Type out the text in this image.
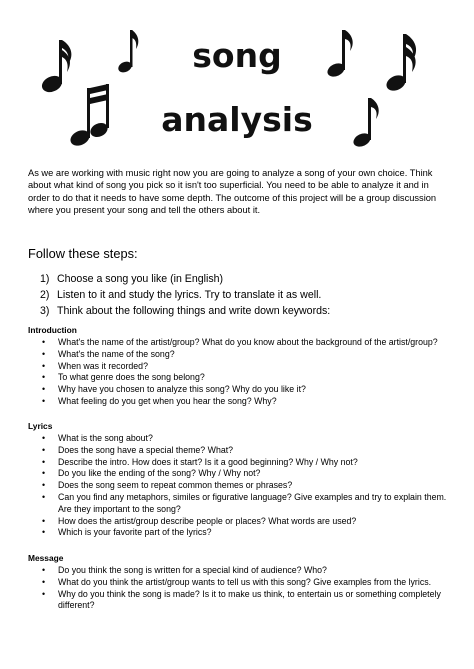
song
analysis

As we are working with music right now you are going to analyze a song of your own choice. Think about what kind of song you pick so it isn't too superficial. You need to be able to analyze it and in order to do that it needs to have some depth. The outcome of this project will be a group discussion where you present your song and tell the others about it.

Follow these steps:
1) Choose a song you like (in English)
2) Listen to it and study the lyrics. Try to translate it as well.
3) Think about the following things and write down keywords:
Introduction
• What's the name of the artist/group? What do you know about the background of the artist/group?
• What's the name of the song?
• When was it recorded?
• To what genre does the song belong?
• Why have you chosen to analyze this song? Why do you like it?
• What feeling do you get when you hear the song? Why?
Lyrics
• What is the song about?
• Does the song have a special theme? What?
• Describe the intro. How does it start? Is it a good beginning? Why / Why not?
• Do you like the ending of the song? Why / Why not?
• Does the song seem to repeat common themes or phrases?
• Can you find any metaphors, similes or figurative language? Give examples and try to explain them. Are they important to the song?
• How does the artist/group describe people or places? What words are used?
• Which is your favorite part of the lyrics?
Message
• Do you think the song is written for a special kind of audience? Who?
• What do you think the artist/group wants to tell us with this song? Give examples from the lyrics.
• Why do you think the song is made? Is it to make us think, to entertain us or something completely different?
